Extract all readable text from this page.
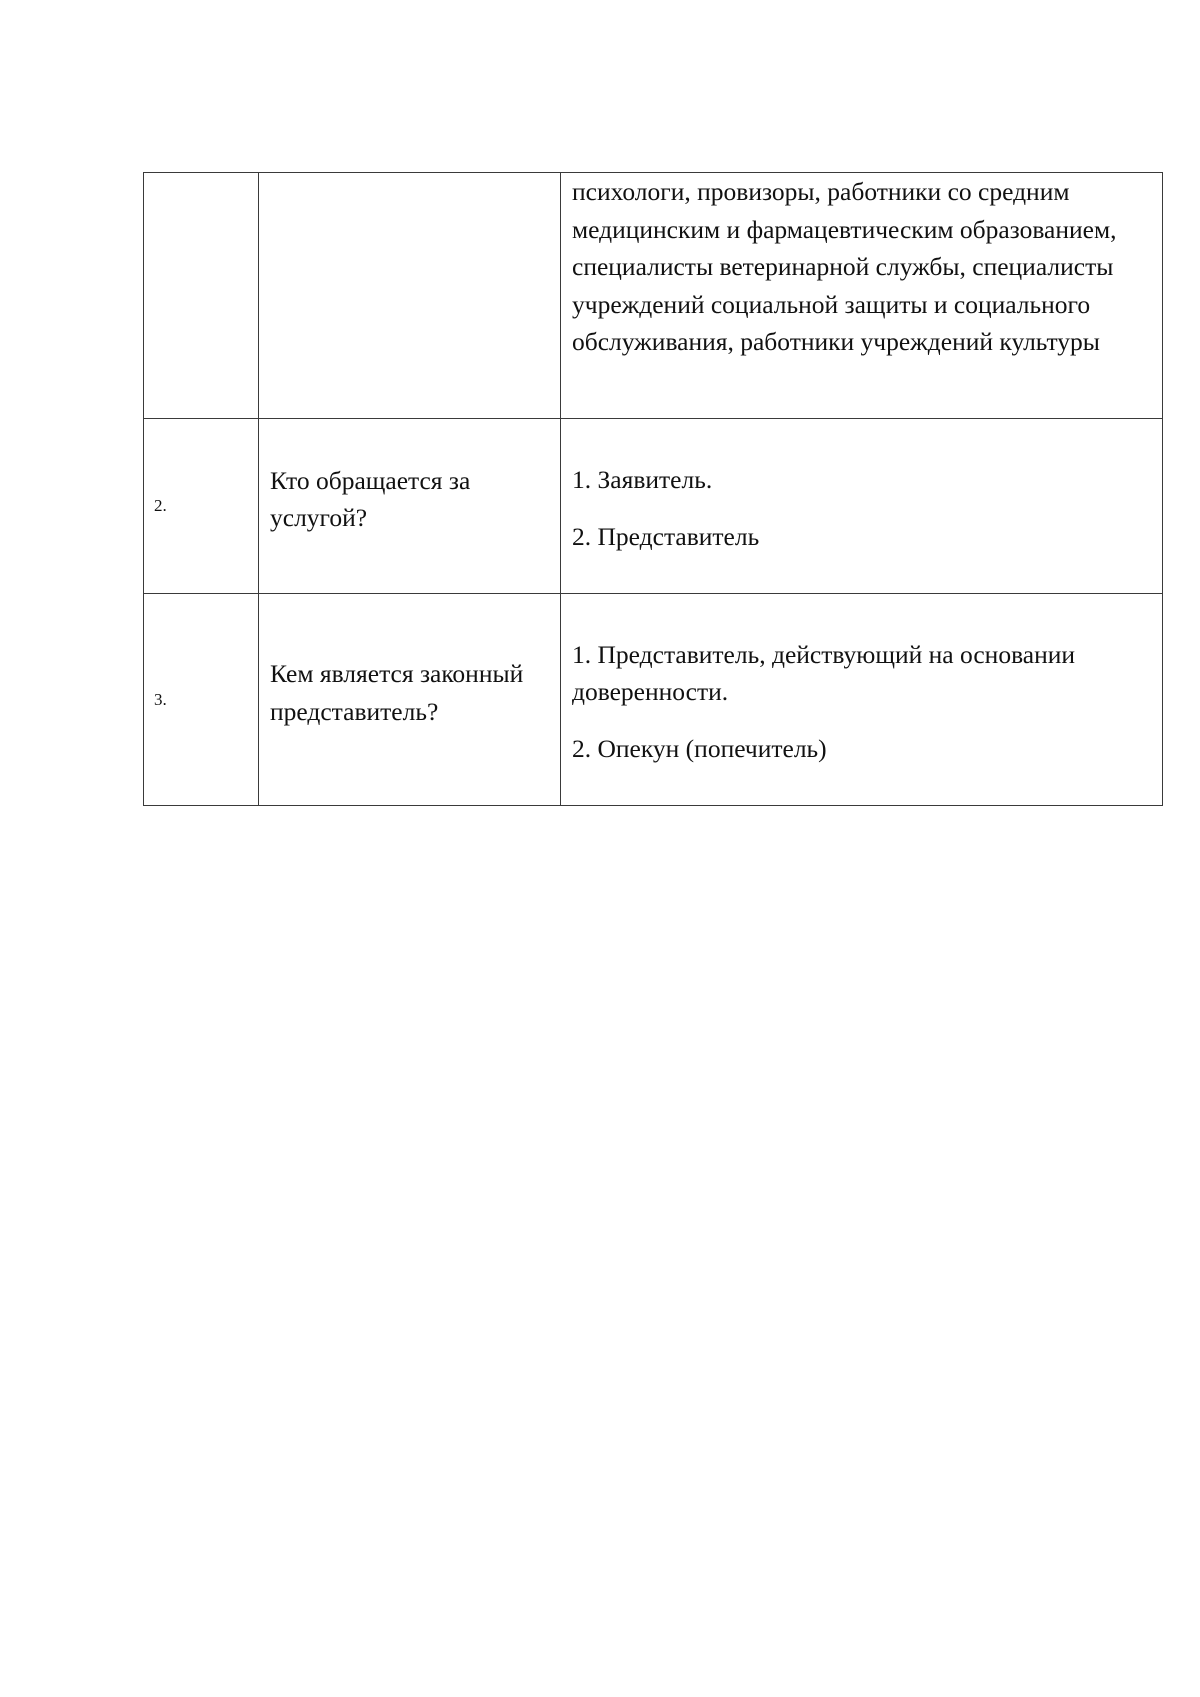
		психологи, провизоры, работники со средним медицинским и фармацевтическим образованием, специалисты ветеринарной службы, специалисты учреждений социальной защиты и социального обслуживания, работники учреждений культуры

2.	Кто обращается за услугой?	1. Заявитель.

2. Представитель

3.	Кем является законный представитель?	1. Представитель, действующий на основании доверенности.

2. Опекун (попечитель)
